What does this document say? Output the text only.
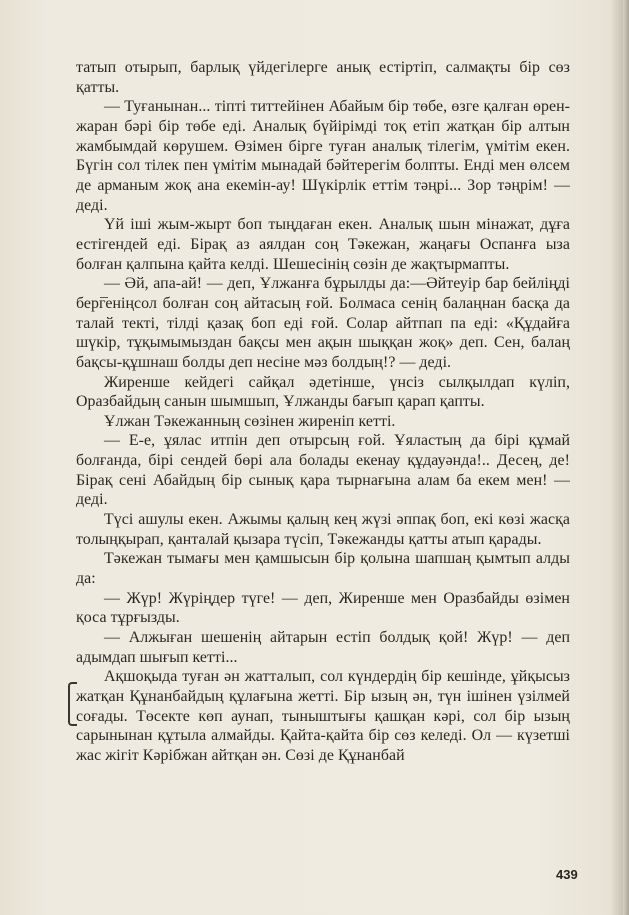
татып отырып, барлық үйдегілерге анық естіртіп, салмақты бір сөз қатты.

— Туғанынан... тіпті титтейінен Абайым бір төбе, өзге қалған өрен-жаран бәрі бір төбе еді. Аналық бүйірімді тоқ етіп жатқан бір алтын жамбымдай көрушем. Өзімен бірге туған аналық тілегім, үмітім екен. Бүгін сол тілек пен үмітім мынадай бәйтерегім болпты. Енді мен өлсем де арманым жоқ ана екемін-ау! Шүкірлік еттім тәңрі... Зор тәңрім! — деді.

Үй іші жым-жырт боп тыңдаған екен. Аналық шын мінажат, дұға естігендей еді. Бірақ аз аялдан соң Тәкежан, жаңағы Оспанға ыза болған қалпына қайта келді. Шешесінің сөзін де жақтырмапты.

— Әй, апа-ай! — деп, Ұлжанға бұрылды да:—Әйтеуір бар бейліңді бергеніңсол болған соң айтасың ғой. Болмаса сенің балаңнан басқа да талай текті, тілді қазақ боп еді ғой. Солар айтпап па еді: «Құдайға шүкір, тұқымымыздан бақсы мен ақын шыққан жоқ» деп. Сен, балаң бақсы-құшнаш болды деп несіне мәз болдың!? — деді.

Жиренше кейдегі сайқал әдетінше, үнсіз сылқылдап күліп, Оразбайдың санын шымшып, Ұлжанды бағып қарап қапты.

Ұлжан Тәкежанның сөзінен жиреніп кетті.

— Е-е, ұялас итпін деп отырсың ғой. Ұяластың да бірі құмай болғанда, бірі сендей бөрі ала болады екенау құдауәнда!.. Десең, де! Бірақ сені Абайдың бір сынық қара тырнағына алам ба екем мен! — деді.

Түсі ашулы екен. Ажымы қалың кең жүзі әппақ боп, екі көзі жасқа толыңқырап, қанталай қызара түсіп, Тәкежанды қатты атып қарады.

Тәкежан тымағы мен қамшысын бір қолына шапшаң қымтып алды да:

— Жүр! Жүріңдер түге! — деп, Жиренше мен Оразбайды өзімен қоса тұрғызды.

— Алжыған шешенің айтарын естіп болдық қой! Жүр! — деп адымдап шығып кетті...

Ақшоқыда туған ән жатталып, сол күндердің бір кешінде, ұйқысыз жатқан Құнанбайдың құлағына жетті. Бір ызың ән, түн ішінен үзілмей соғады. Төсекте көп аунап, тыныштығы қашқан кәрі, сол бір ызың сарынынан құтыла алмайды. Қайта-қайта бір сөз келеді. Ол — күзетші жас жігіт Кәрібжан айтқан ән. Сөзі де Құнанбай

439
